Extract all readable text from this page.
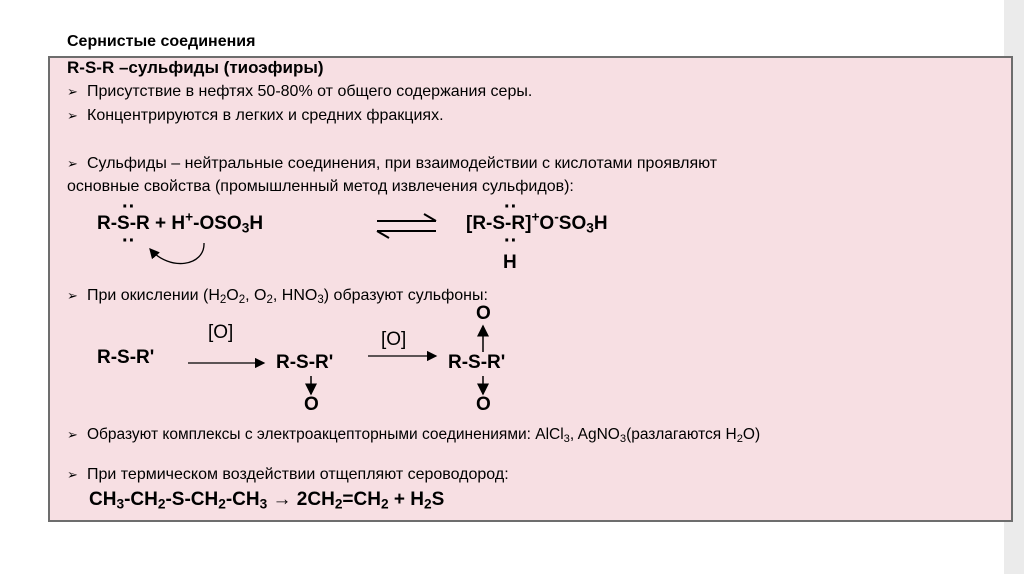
Сернистые соединения
R-S-R –сульфиды (тиоэфиры)
➢ Присутствие в нефтях 50-80% от общего содержания серы.
➢ Концентрируются в легких и средних фракциях.
➢ Сульфиды – нейтральные соединения, при взаимодействии с кислотами проявляют
основные свойства (промышленный метод извлечения сульфидов):
··
··
$R-S-R + H^+-OSO_3H$
··
··
$[R-S-R]^+O^-SO_3H$
H
➢ При окислении ($H_2O_2$, $O_2$, $HNO_3$) образуют сульфоны:
R-S-R'
[O]
R-S-R'
O
[O]
O
R-S-R'
O
➢ Образуют комплексы с электроакцепторными соединениями: AlCl$_3$, AgNO$_3$(разлагаются $H_2O$)
➢ При термическом воздействии отщепляют сероводород:
$CH_3-CH_2-S-CH_2-CH_3 \to 2CH_2=CH_2 + H_2S$
